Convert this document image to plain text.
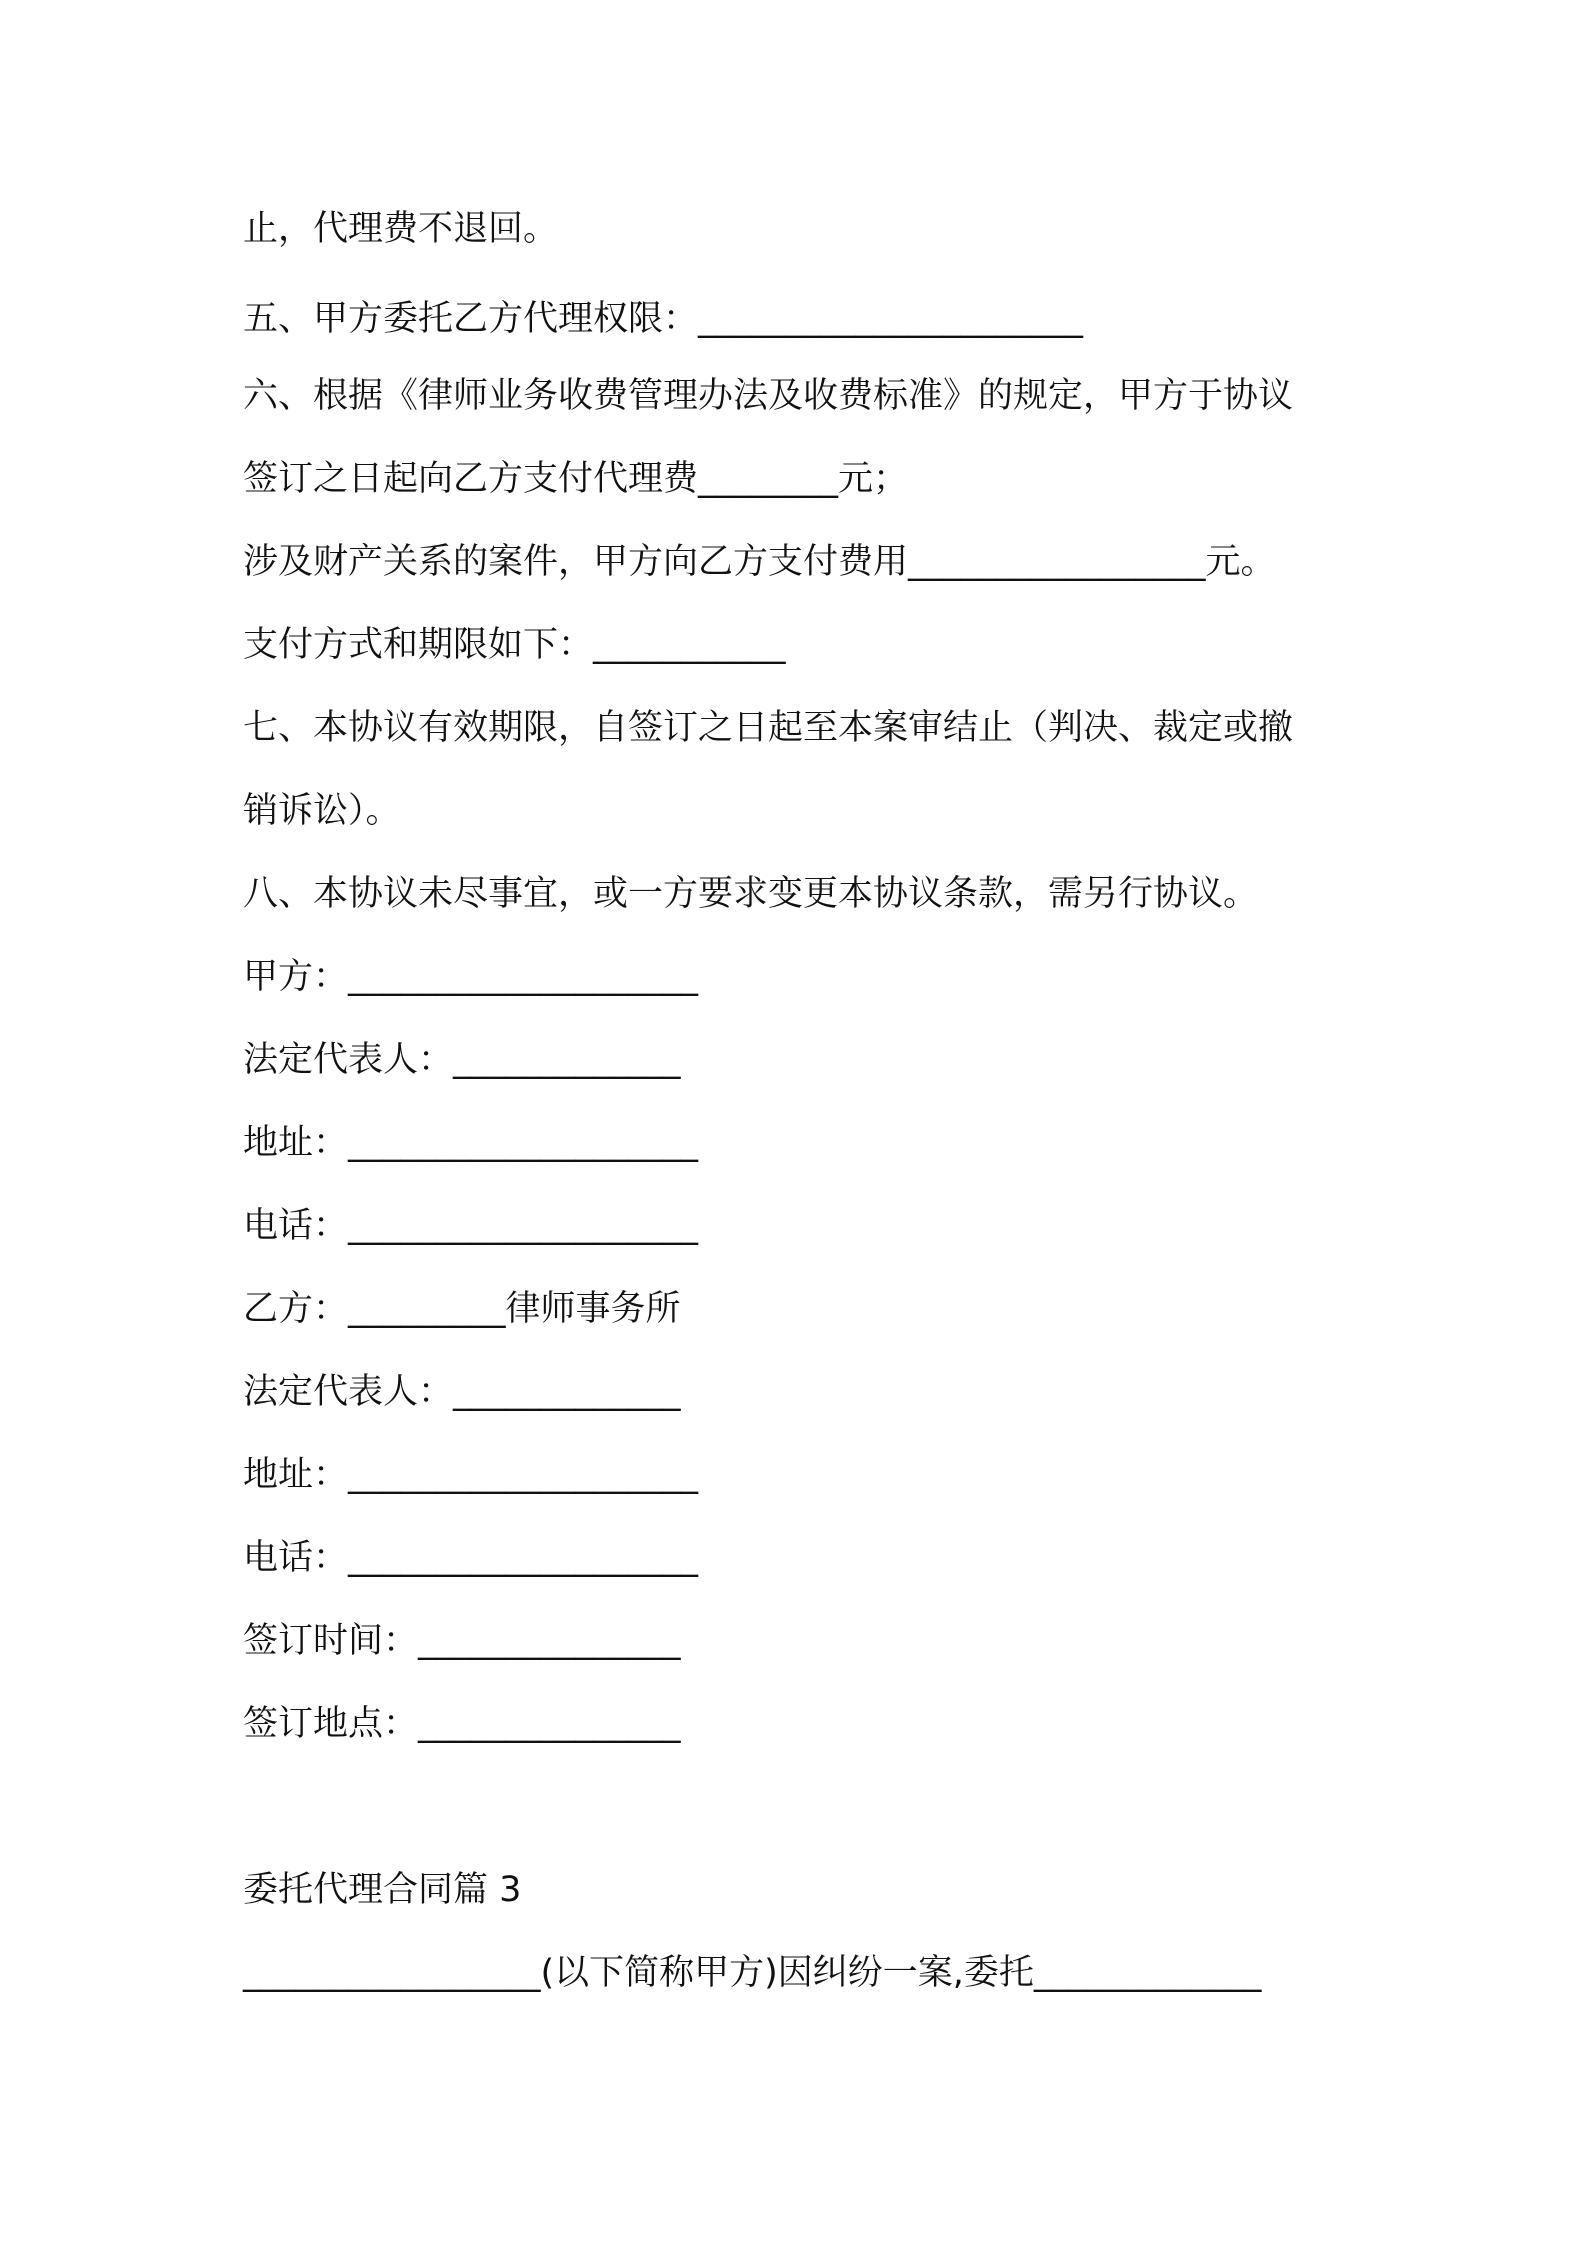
止，代理费不退回。
五、甲方委托乙方代理权限：______________________
六、根据《律师业务收费管理办法及收费标准》的规定，甲方于协议
签订之日起向乙方支付代理费________元；
涉及财产关系的案件，甲方向乙方支付费用_________________元。
支付方式和期限如下：___________
七、本协议有效期限，自签订之日起至本案审结止（判决、裁定或撤
销诉讼）。
八、本协议未尽事宜，或一方要求变更本协议条款，需另行协议。
甲方：____________________
法定代表人：_____________
地址：____________________
电话：____________________
乙方：_________律师事务所
法定代表人：_____________
地址：____________________
电话：____________________
签订时间：_______________
签订地点：_______________
委托代理合同篇 3
_________________(以下简称甲方)因纠纷一案,委托_____________
